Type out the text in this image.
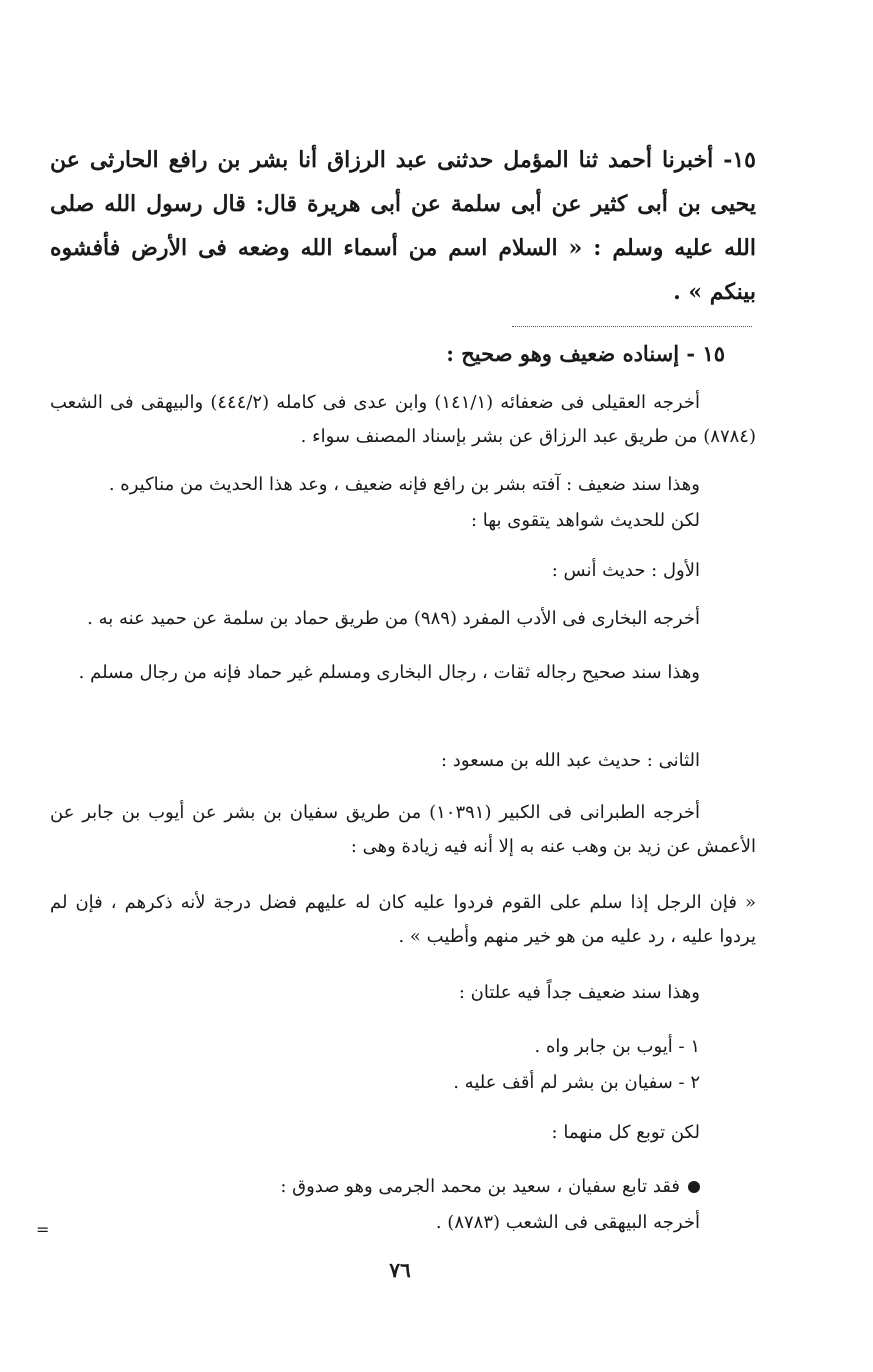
١٥- أخبرنا أحمد ثنا المؤمل حدثنى عبد الرزاق أنا بشر بن رافع الحارثى عن يحيى بن أبى كثير عن أبى سلمة عن أبى هريرة قال: قال رسول الله صلى الله عليه وسلم : « السلام اسم من أسماء الله وضعه فى الأرض فأفشوه بينكم » .
١٥ - إسناده ضعيف وهو صحيح :
أخرجه العقيلى فى ضعفائه (١٤١/١) وابن عدى فى كامله (٤٤٤/٢) والبيهقى فى الشعب (٨٧٨٤) من طريق عبد الرزاق عن بشر بإسناد المصنف سواء .
وهذا سند ضعيف : آفته بشر بن رافع فإنه ضعيف ، وعد هذا الحديث من مناكيره .
لكن للحديث شواهد يتقوى بها :
الأول : حديث أنس :
أخرجه البخارى فى الأدب المفرد (٩٨٩) من طريق حماد بن سلمة عن حميد عنه به .
وهذا سند صحيح رجاله ثقات ، رجال البخارى ومسلم غير حماد فإنه من رجال مسلم .
الثانى : حديث عبد الله بن مسعود :
أخرجه الطبرانى فى الكبير (١٠٣٩١) من طريق سفيان بن بشر عن أيوب بن جابر عن الأعمش عن زيد بن وهب عنه به إلا أنه فيه زيادة وهى :
« فإن الرجل إذا سلم على القوم فردوا عليه كان له عليهم فضل درجة لأنه ذكرهم ، فإن لم يردوا عليه ، رد عليه من هو خير منهم وأطيب » .
وهذا سند ضعيف جداً فيه علتان :
١ - أيوب بن جابر واه .
٢ - سفيان بن بشر لم أقف عليه .
لكن توبع كل منهما :
فقد تابع سفيان ، سعيد بن محمد الجرمى وهو صدوق :
أخرجه البيهقى فى الشعب (٨٧٨٣) .
٧٦
=
